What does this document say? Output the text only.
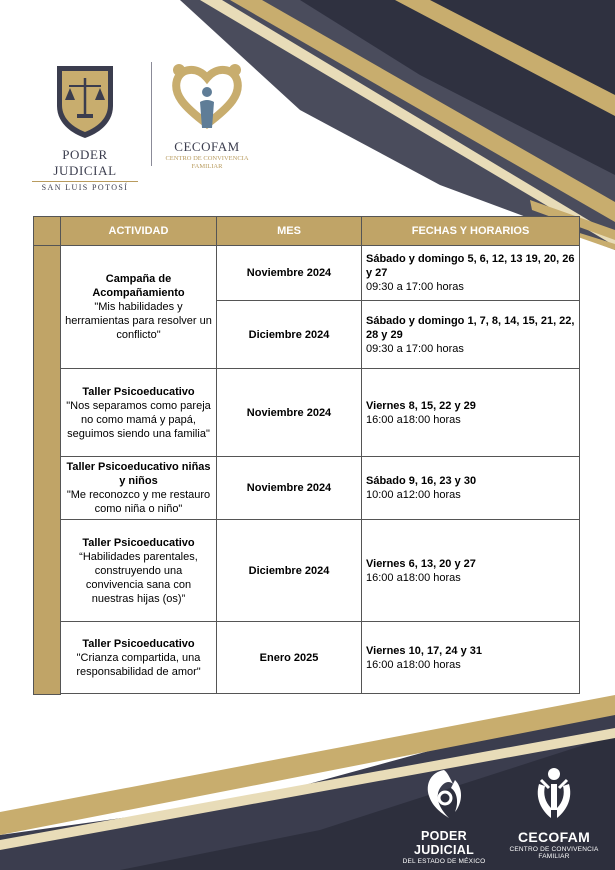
PODER JUDICIAL
SAN LUIS POTOSÍ
CECOFAM
CENTRO DE CONVIVENCIA
FAMILIAR
	ACTIVIDAD	MES	FECHAS Y HORARIOS

	Campaña de Acompañamiento
"Mis habilidades y herramientas para resolver un conflicto"	Noviembre 2024	Sábado y domingo 5, 6, 12, 13 19, 20, 26 y 27
09:30 a 17:00 horas

		Diciembre 2024	Sábado y domingo 1, 7, 8, 14, 15, 21, 22, 28 y 29
09:30 a 17:00 horas

	Taller Psicoeducativo
"Nos separamos como pareja no como mamá y papá, seguimos siendo una familia"	Noviembre 2024	Viernes 8, 15, 22 y 29
16:00 a18:00 horas

	Taller Psicoeducativo niñas y niños
"Me reconozco y me restauro como niña o niño"	Noviembre 2024	Sábado 9, 16, 23 y 30
10:00 a12:00 horas

	Taller Psicoeducativo
“Habilidades parentales, construyendo una convivencia sana con nuestras hijas (os)”	Diciembre 2024	Viernes 6, 13, 20 y 27
16:00 a18:00 horas

	Taller Psicoeducativo
"Crianza compartida, una responsabilidad de amor"	Enero 2025	Viernes 10, 17, 24 y 31
16:00 a18:00 horas

PODER JUDICIAL
DEL ESTADO DE MÉXICO
CECOFAM
CENTRO DE CONVIVENCIA FAMILIAR
